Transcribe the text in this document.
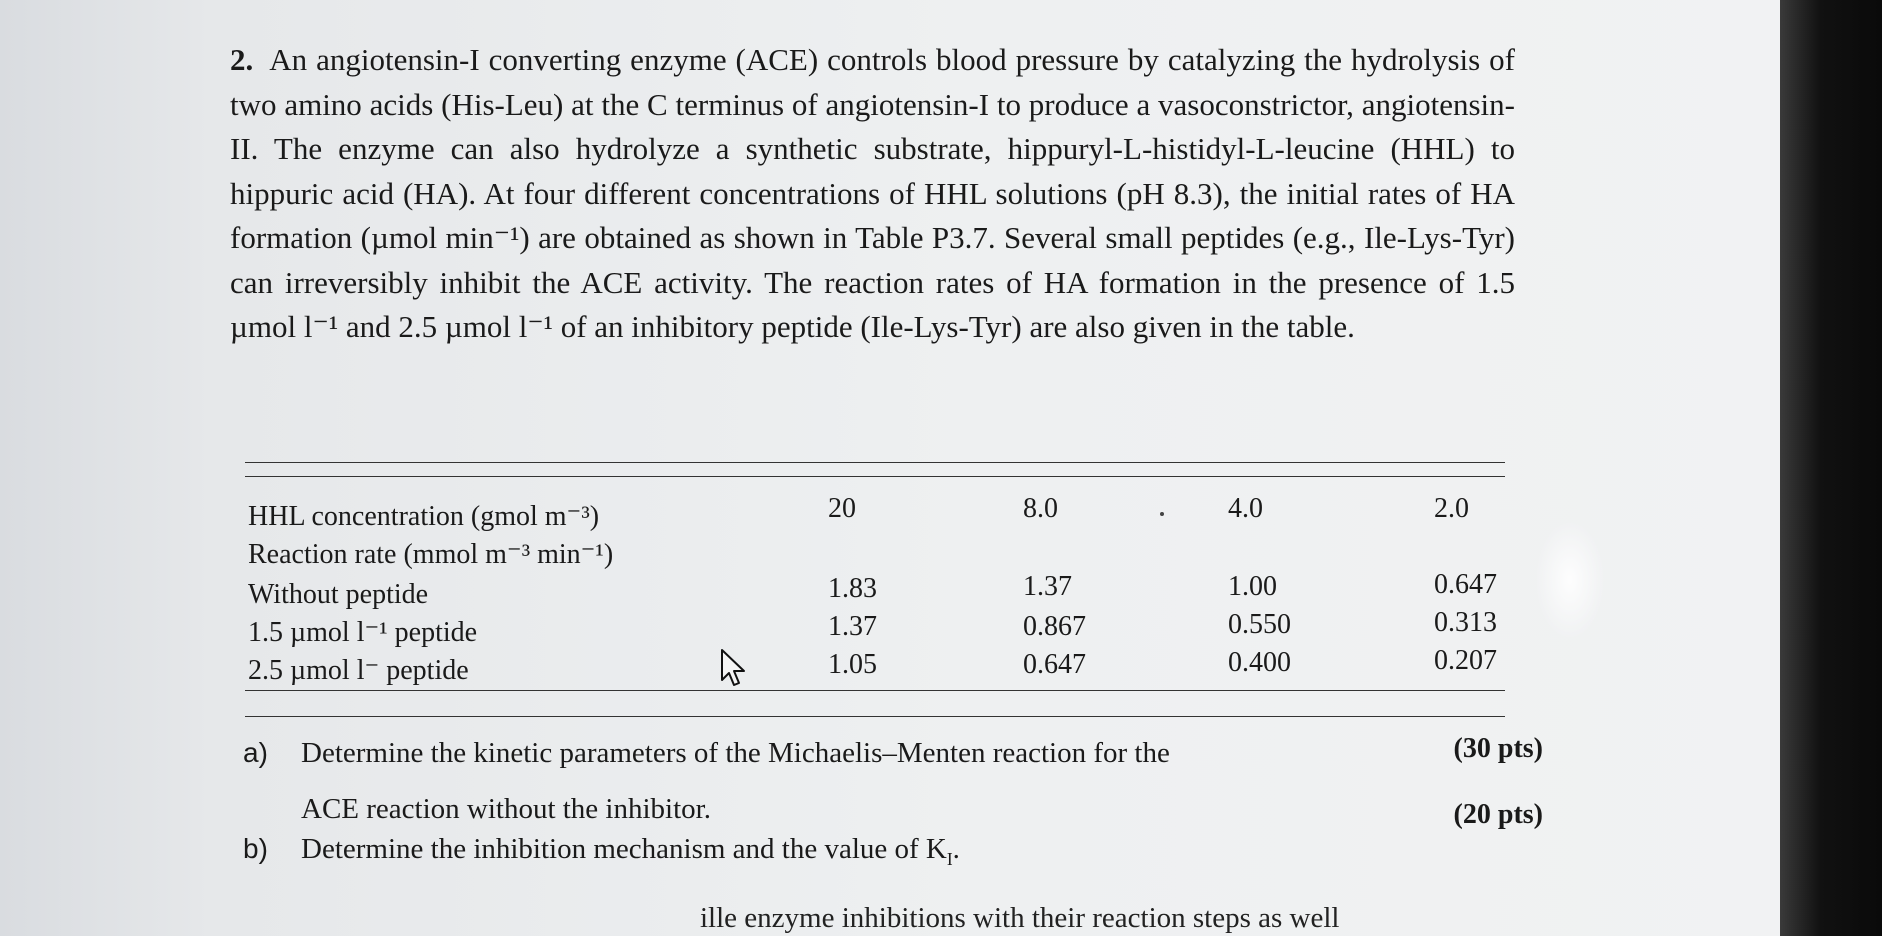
2. An angiotensin-I converting enzyme (ACE) controls blood pressure by catalyzing the hydrolysis of two amino acids (His-Leu) at the C terminus of angiotensin-I to produce a vasoconstrictor, angiotensin-II. The enzyme can also hydrolyze a synthetic substrate, hippuryl-L-histidyl-L-leucine (HHL) to hippuric acid (HA). At four different concentrations of HHL solutions (pH 8.3), the initial rates of HA formation (µmol min⁻¹) are obtained as shown in Table P3.7. Several small peptides (e.g., Ile-Lys-Tyr) can irreversibly inhibit the ACE activity. The reaction rates of HA formation in the presence of 1.5 µmol l⁻¹ and 2.5 µmol l⁻¹ of an inhibitory peptide (Ile-Lys-Tyr) are also given in the table.
HHL concentration (gmol m⁻³)	20	8.0	4.0	2.0
Reaction rate (mmol m⁻³ min⁻¹)
Without peptide	1.83	1.37	1.00	0.647
1.5 µmol l⁻¹ peptide	1.37	0.867	0.550	0.313
2.5 µmol l⁻ peptide	1.05	0.647	0.400	0.207
a) Determine the kinetic parameters of the Michaelis–Menten reaction for the	(30 pts)
ACE reaction without the inhibitor.	(20 pts)
b) Determine the inhibition mechanism and the value of $K_I$.
ille enzyme inhibitions with their reaction steps as well
